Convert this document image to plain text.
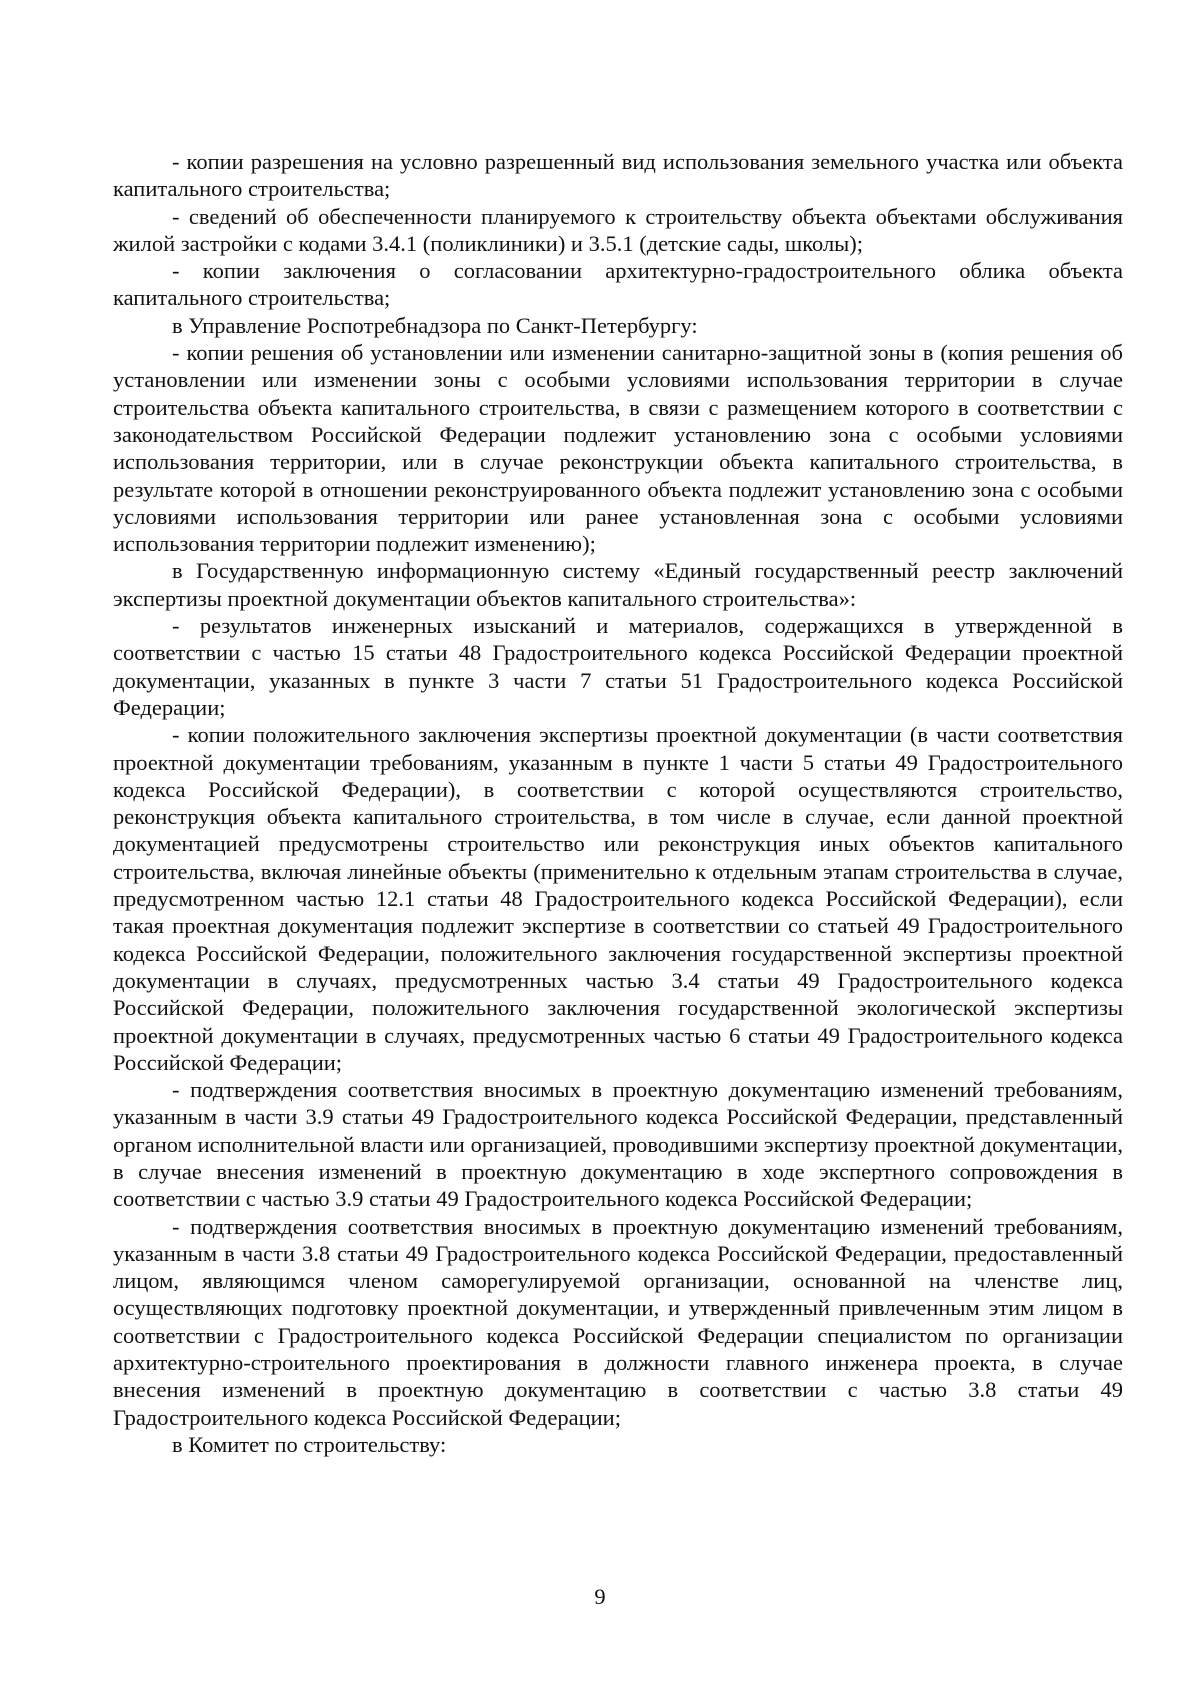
- копии разрешения на условно разрешенный вид использования земельного участка или объекта капитального строительства;

- сведений об обеспеченности планируемого к строительству объекта объектами обслуживания жилой застройки с кодами 3.4.1 (поликлиники) и 3.5.1 (детские сады, школы);

- копии заключения о согласовании архитектурно-градостроительного облика объекта капитального строительства;

в Управление Роспотребнадзора по Санкт-Петербургу:

- копии решения об установлении или изменении санитарно-защитной зоны в (копия решения об установлении или изменении зоны с особыми условиями использования территории в случае строительства объекта капитального строительства, в связи с размещением которого в соответствии с законодательством Российской Федерации подлежит установлению зона с особыми условиями использования территории, или в случае реконструкции объекта капитального строительства, в результате которой в отношении реконструированного объекта подлежит установлению зона с особыми условиями использования территории или ранее установленная зона с особыми условиями использования территории подлежит изменению);

в Государственную информационную систему «Единый государственный реестр заключений экспертизы проектной документации объектов капитального строительства»:

- результатов инженерных изысканий и материалов, содержащихся в утвержденной в соответствии с частью 15 статьи 48 Градостроительного кодекса Российской Федерации проектной документации, указанных в пункте 3 части 7 статьи 51 Градостроительного кодекса Российской Федерации;

- копии положительного заключения экспертизы проектной документации (в части соответствия проектной документации требованиям, указанным в пункте 1 части 5 статьи 49 Градостроительного кодекса Российской Федерации), в соответствии с которой осуществляются строительство, реконструкция объекта капитального строительства, в том числе в случае, если данной проектной документацией предусмотрены строительство или реконструкция иных объектов капитального строительства, включая линейные объекты (применительно к отдельным этапам строительства в случае, предусмотренном частью 12.1 статьи 48 Градостроительного кодекса Российской Федерации), если такая проектная документация подлежит экспертизе в соответствии со статьей 49 Градостроительного кодекса Российской Федерации, положительного заключения государственной экспертизы проектной документации в случаях, предусмотренных частью 3.4 статьи 49 Градостроительного кодекса Российской Федерации, положительного заключения государственной экологической экспертизы проектной документации в случаях, предусмотренных частью 6 статьи 49 Градостроительного кодекса Российской Федерации;

- подтверждения соответствия вносимых в проектную документацию изменений требованиям, указанным в части 3.9 статьи 49 Градостроительного кодекса Российской Федерации, представленный органом исполнительной власти или организацией, проводившими экспертизу проектной документации, в случае внесения изменений в проектную документацию в ходе экспертного сопровождения в соответствии с частью 3.9 статьи 49 Градостроительного кодекса Российской Федерации;

- подтверждения соответствия вносимых в проектную документацию изменений требованиям, указанным в части 3.8 статьи 49 Градостроительного кодекса Российской Федерации, предоставленный лицом, являющимся членом саморегулируемой организации, основанной на членстве лиц, осуществляющих подготовку проектной документации, и утвержденный привлеченным этим лицом в соответствии с Градостроительного кодекса Российской Федерации специалистом по организации архитектурно-строительного проектирования в должности главного инженера проекта, в случае внесения изменений в проектную документацию в соответствии с частью 3.8 статьи 49 Градостроительного кодекса Российской Федерации;

в Комитет по строительству:

9
